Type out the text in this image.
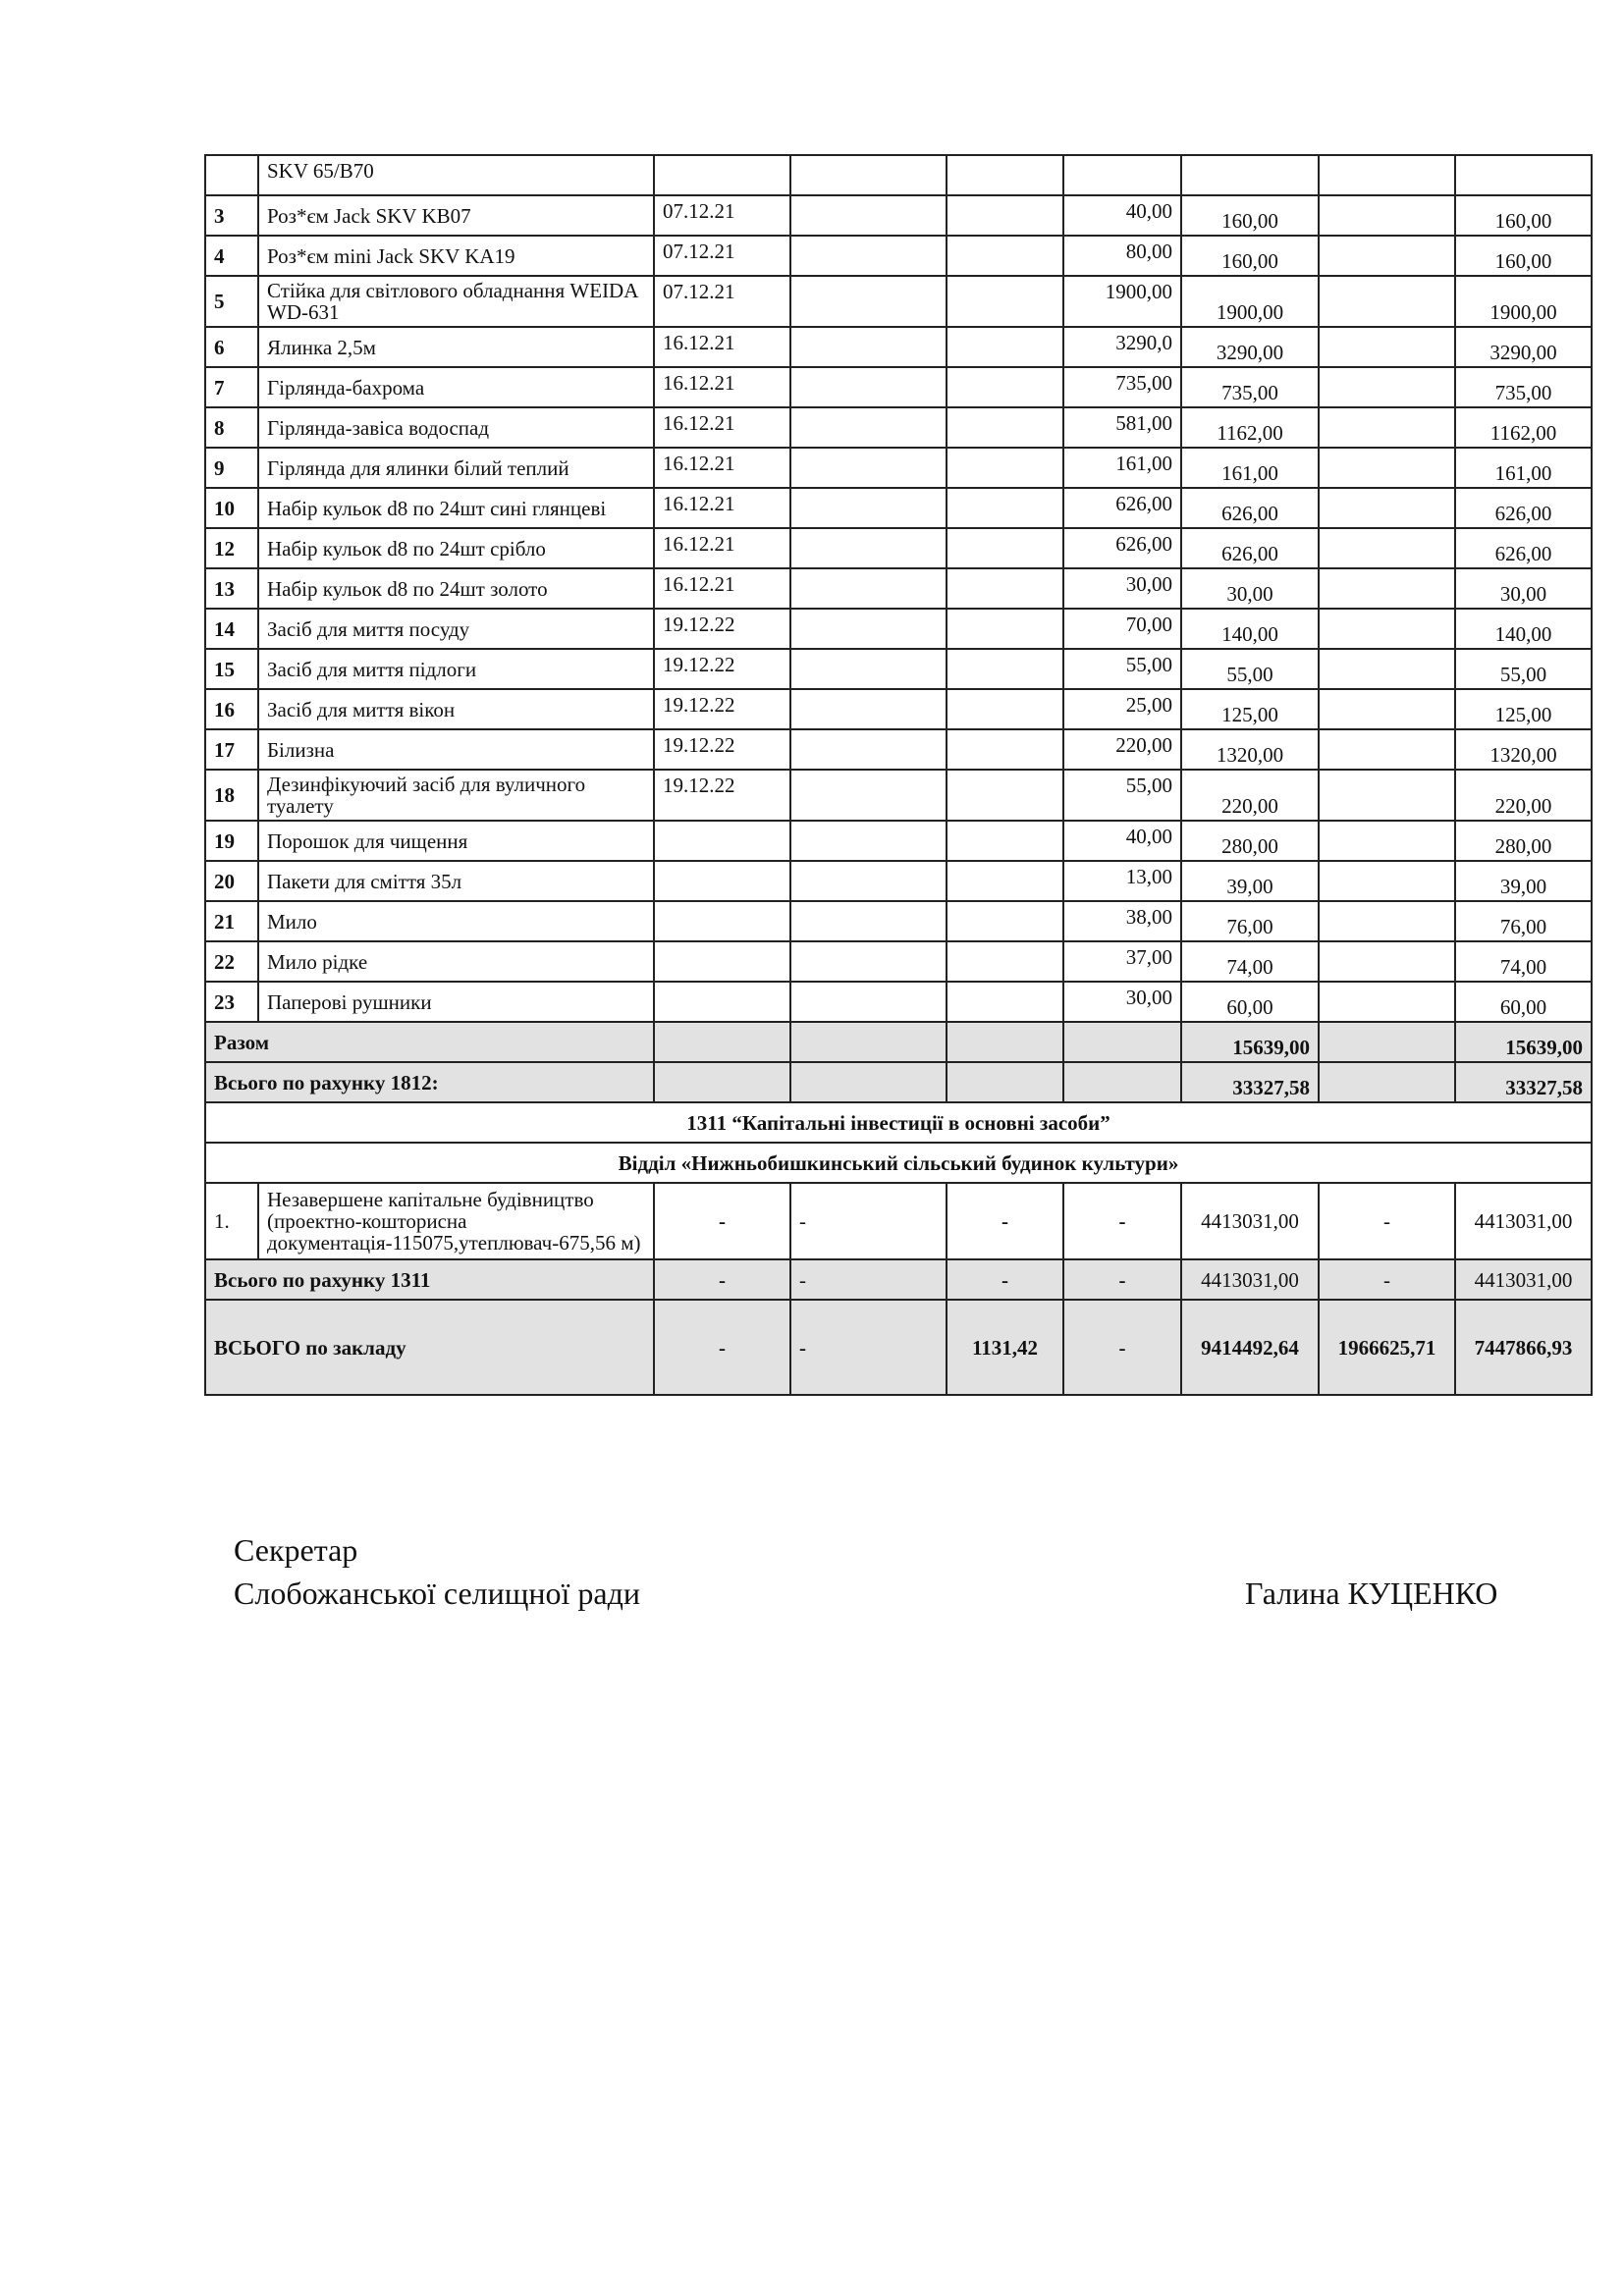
	SKV 65/B70							
3	Роз*єм Jack SKV KB07	07.12.21			40,00	160,00		160,00
4	Роз*єм mini Jack SKV KA19	07.12.21			80,00	160,00		160,00
5	Стійка для світлового обладнання WEIDA WD-631	07.12.21			1900,00	1900,00		1900,00
6	Ялинка 2,5м	16.12.21			3290,0	3290,00		3290,00
7	Гірлянда-бахрома	16.12.21			735,00	735,00		735,00
8	Гірлянда-завіса водоспад	16.12.21			581,00	1162,00		1162,00
9	Гірлянда для ялинки білий теплий	16.12.21			161,00	161,00		161,00
10	Набір кульок d8 по 24шт сині глянцеві	16.12.21			626,00	626,00		626,00
12	Набір кульок d8 по 24шт срібло	16.12.21			626,00	626,00		626,00
13	Набір кульок d8 по 24шт золото	16.12.21			30,00	30,00		30,00
14	Засіб для миття посуду	19.12.22			70,00	140,00		140,00
15	Засіб для миття підлоги	19.12.22			55,00	55,00		55,00
16	Засіб для миття вікон	19.12.22			25,00	125,00		125,00
17	Білизна	19.12.22			220,00	1320,00		1320,00
18	Дезинфікуючий засіб для вуличного туалету	19.12.22			55,00	220,00		220,00
19	Порошок для чищення				40,00	280,00		280,00
20	Пакети для сміття 35л				13,00	39,00		39,00
21	Мило				38,00	76,00		76,00
22	Мило рідке				37,00	74,00		74,00
23	Паперові рушники				30,00	60,00		60,00
Разом						15639,00		15639,00
Всього по рахунку 1812:						33327,58		33327,58
1311 “Капітальні інвестиції в основні засоби”								
Відділ «Нижньобишкинський сільський будинок культури»								
1.	Незавершене капітальне будівництво (проектно-кошторисна документація-115075,утеплювач-675,56 м)	-	-	-	-	4413031,00	-	4413031,00
Всього по рахунку 1311		-	-	-	-	4413031,00	-	4413031,00
ВСЬОГО по закладу		-	-	1131,42	-	9414492,64	1966625,71	7447866,93
Секретар
Слобожанської селищної ради	Галина КУЦЕНКО
